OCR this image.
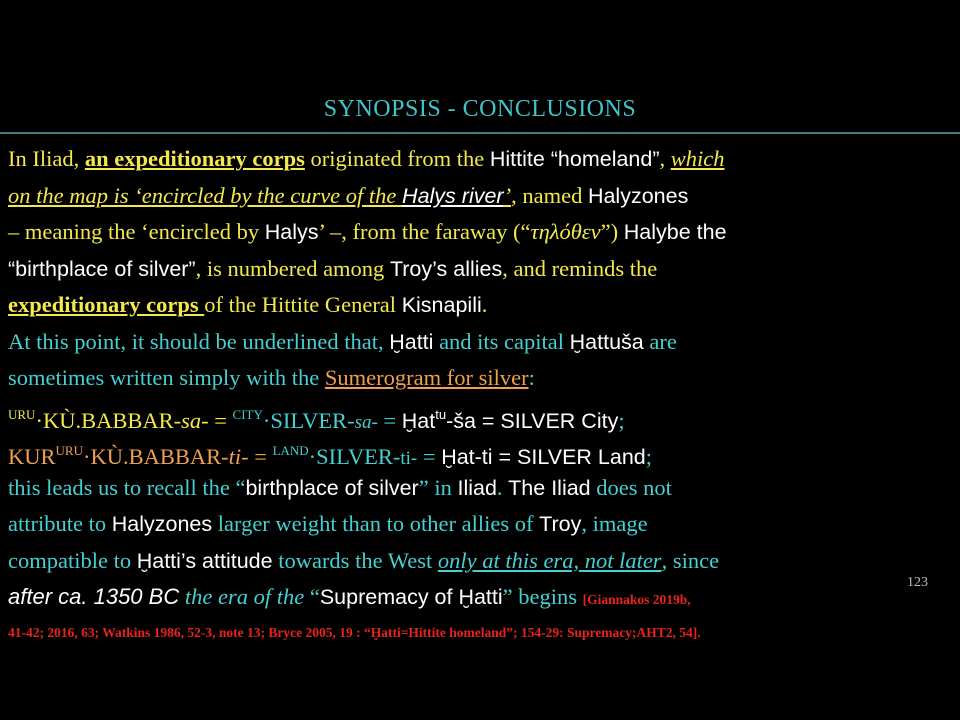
SYNOPSIS - CONCLUSIONS
In Iliad, an expeditionary corps originated from the Hittite “homeland”, which
on the map is ‘encircled by the curve of the Halys river’, named Halyzones
– meaning the ‘encircled by Halys’ –, from the faraway (“τηλόθεν”) Halybe the
“birthplace of silver”, is numbered among Troy’s allies, and reminds the
expeditionary corps of the Hittite General Kisnapili.
At this point, it should be underlined that, Ḫatti and its capital Ḫattuša are
sometimes written simply with the Sumerogram for silver:
$^{URU}$·KÙ.BABBAR-sa- = $^{CITY}$·SILVER-sa- = Ḫat$^{tu}$-ša = SILVER City;
$KUR^{URU}\cdot KÙ.BABBAR-ti-$ = $^{LAND}$·SILVER-ti- = Ḫat-ti = SILVER Land;
this leads us to recall the “birthplace of silver” in Iliad. The Iliad does not
attribute to Halyzones larger weight than to other allies of Troy, image
compatible to Ḫatti’s attitude towards the West only at this era, not later, since
after ca. 1350 BC the era of the “Supremacy of Ḫatti” begins [Giannakos 2019b,
41-42; 2016, 63; Watkins 1986, 52-3, note 13; Bryce 2005, 19 : “Ḫatti=Hittite homeland”; 154-29: Supremacy;AHT2, 54].
123
